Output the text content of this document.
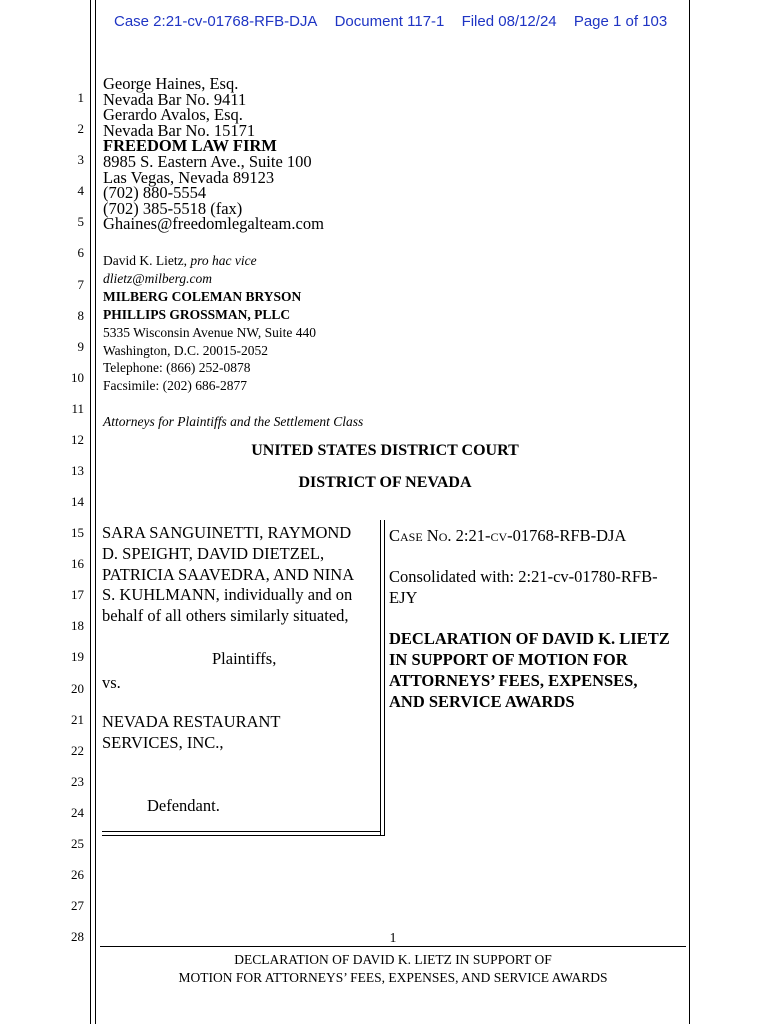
Case 2:21-cv-01768-RFB-DJA Document 117-1 Filed 08/12/24 Page 1 of 103
1
2
3
4
5
6
7
8
9
10
11
12
13
14
15
16
17
18
19
20
21
22
23
24
25
26
27
28
George Haines, Esq.
Nevada Bar No. 9411
Gerardo Avalos, Esq.
Nevada Bar No. 15171
FREEDOM LAW FIRM
8985 S. Eastern Ave., Suite 100
Las Vegas, Nevada 89123
(702) 880-5554
(702) 385-5518 (fax)
Ghaines@freedomlegalteam.com
David K. Lietz, pro hac vice
dlietz@milberg.com
MILBERG COLEMAN BRYSON
PHILLIPS GROSSMAN, PLLC
5335 Wisconsin Avenue NW, Suite 440
Washington, D.C. 20015-2052
Telephone: (866) 252-0878
Facsimile: (202) 686-2877
Attorneys for Plaintiffs and the Settlement Class
UNITED STATES DISTRICT COURT
DISTRICT OF NEVADA
SARA SANGUINETTI, RAYMOND
D. SPEIGHT, DAVID DIETZEL,
PATRICIA SAAVEDRA, AND NINA
S. KUHLMANN, individually and on
behalf of all others similarly situated,
Plaintiffs,
vs.
NEVADA RESTAURANT
SERVICES, INC.,
Defendant.
Case No. 2:21-cv-01768-RFB-DJA
Consolidated with: 2:21-cv-01780-RFB-
EJY
DECLARATION OF DAVID K. LIETZ
IN SUPPORT OF MOTION FOR
ATTORNEYS’ FEES, EXPENSES,
AND SERVICE AWARDS
1
DECLARATION OF DAVID K. LIETZ IN SUPPORT OF
MOTION FOR ATTORNEYS’ FEES, EXPENSES, AND SERVICE AWARDS
